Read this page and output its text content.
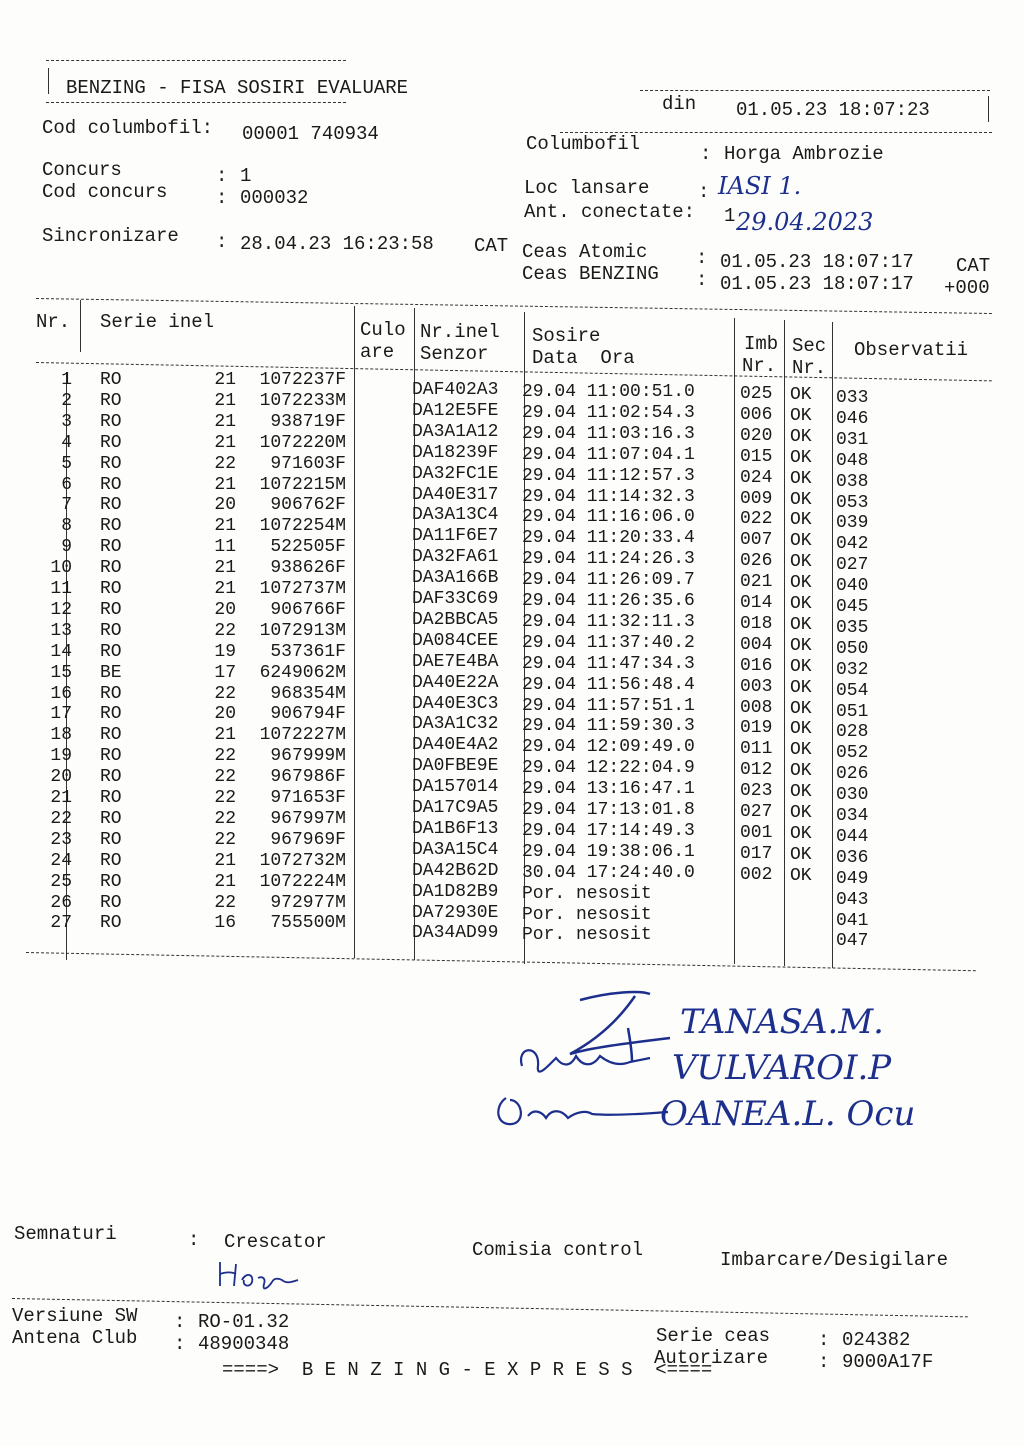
BENZING - FISA SOSIRI EVALUARE
din 01.05.23 18:07:23
Cod columbofil: 00001 740934	Columbofil	: Horga Ambrozie
Concurs	: 1
Cod concurs	: 000032	Loc lansare	: IASI 1.
Ant. conectate: 1 29.04.2023
Sincronizare : 28.04.23 16:23:58 CAT Ceas Atomic	: 01.05.23 18:07:17 CAT
Ceas BENZING : 01.05.23 18:07:17 +000
Nr. Serie inel	Culo
are
Nr.inel
Senzor
Sosire
Data  Ora
Imb
Nr.
Sec
Nr.
Observatii
1 RO	21	1072237F	DAF402A3 29.04 11:00:51.0	025 OK 033
2 RO	21	1072233M	DA12E5FE 29.04 11:02:54.3	006 OK 046
3 RO	21	938719F	DA3A1A12 29.04 11:03:16.3	020 OK 031
4 RO	21	1072220M	DA18239F 29.04 11:07:04.1	015 OK 048
5 RO	22	971603F	DA32FC1E 29.04 11:12:57.3	024 OK 038
6 RO	21	1072215M	DA40E317 29.04 11:14:32.3	009 OK 053
7 RO	20	906762F	DA3A13C4 29.04 11:16:06.0	022 OK 039
8 RO	21	1072254M	DA11F6E7 29.04 11:20:33.4	007 OK 042
9 RO	11	522505F	DA32FA61 29.04 11:24:26.3	026 OK 027
10 RO	21	938626F	DA3A166B 29.04 11:26:09.7	021 OK 040
11 RO	21	1072737M	DAF33C69 29.04 11:26:35.6	014 OK 045
12 RO	20	906766F	DA2BBCA5 29.04 11:32:11.3	018 OK 035
13 RO	22	1072913M	DA084CEE 29.04 11:37:40.2	004 OK 050
14 RO	19	537361F	DAE7E4BA 29.04 11:47:34.3	016 OK 032
15 BE	17	6249062M	DA40E22A 29.04 11:56:48.4	003 OK 054
16 RO	22	968354M	DA40E3C3 29.04 11:57:51.1	008 OK 051
17 RO	20	906794F	DA3A1C32 29.04 11:59:30.3	019 OK 028
18 RO	21	1072227M	DA40E4A2 29.04 12:09:49.0	011 OK 052
19 RO	22	967999M	DA0FBE9E 29.04 12:22:04.9	012 OK 026
20 RO	22	967986F	DA157014 29.04 13:16:47.1	023 OK 030
21 RO	22	971653F	DA17C9A5 29.04 17:13:01.8	027 OK 034
22 RO	22	967997M	DA1B6F13 29.04 17:14:49.3	001 OK 044
23 RO	22	967969F	DA3A15C4 29.04 19:38:06.1	017 OK 036
24 RO	21	1072732M	DA42B62D 30.04 17:24:40.0	002 OK 049
25 RO	21	1072224M	DA1D82B9 Por. nesosit	043
26 RO	22	972977M	DA72930E Por. nesosit	041
27 RO	16	755500M	DA34AD99 Por. nesosit	047
TANASA.M.
VULVAROI.P
OANEA.L. Ocu
Semnaturi	: Crescator	Comisia control	Imbarcare/Desigilare
Versiune SW : RO-01.32
Antena Club : 48900348
====>  B E N Z I N G - E X P R E S S  <====
Serie ceas	: 024382
Autorizare	: 9000A17F
